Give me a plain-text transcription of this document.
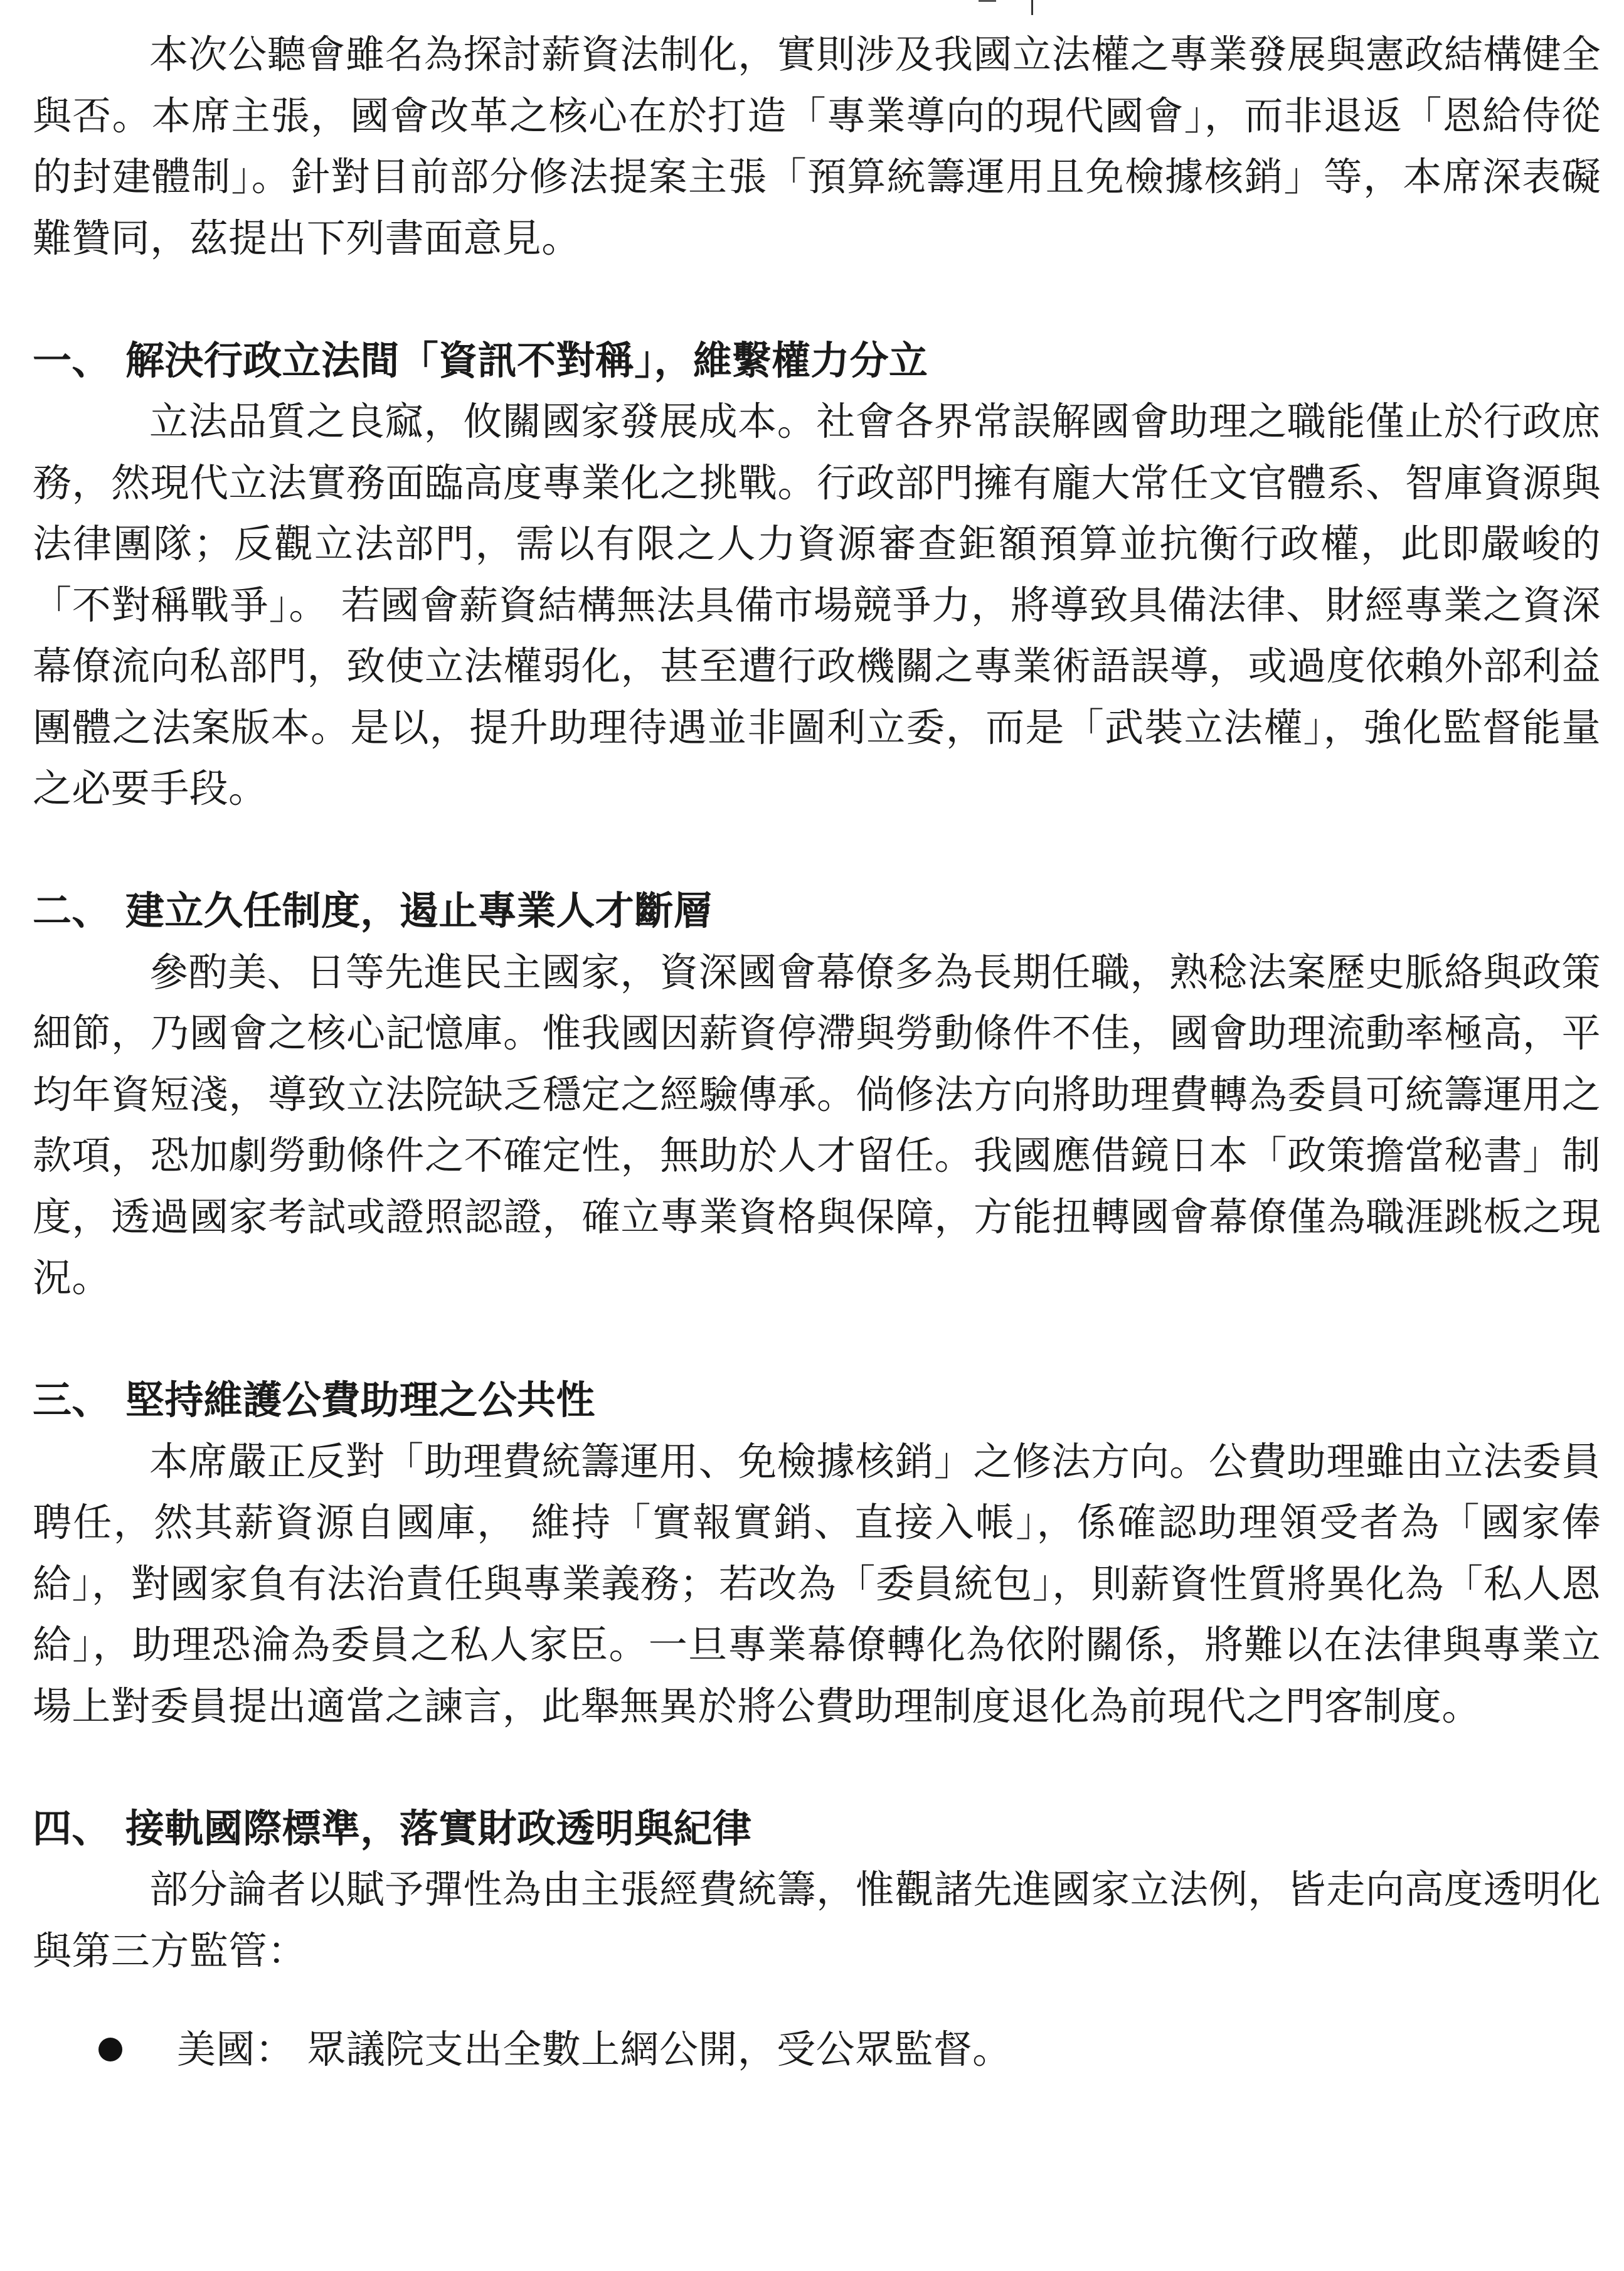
本次公聽會雖名為探討薪資法制化，實則涉及我國立法權之專業發展與憲政結構健全與否。本席主張，國會改革之核心在於打造「專業導向的現代國會」，而非退返「恩給侍從的封建體制」。針對目前部分修法提案主張「預算統籌運用且免檢據核銷」等，本席深表礙難贊同，茲提出下列書面意見。

一、 解決行政立法間「資訊不對稱」，維繫權力分立

立法品質之良窳，攸關國家發展成本。社會各界常誤解國會助理之職能僅止於行政庶務，然現代立法實務面臨高度專業化之挑戰。行政部門擁有龐大常任文官體系、智庫資源與法律團隊；反觀立法部門，需以有限之人力資源審查鉅額預算並抗衡行政權，此即嚴峻的「不對稱戰爭」。 若國會薪資結構無法具備市場競爭力，將導致具備法律、財經專業之資深幕僚流向私部門，致使立法權弱化，甚至遭行政機關之專業術語誤導，或過度依賴外部利益團體之法案版本。是以，提升助理待遇並非圖利立委，而是「武裝立法權」，強化監督能量之必要手段。

二、 建立久任制度，遏止專業人才斷層

參酌美、日等先進民主國家，資深國會幕僚多為長期任職，熟稔法案歷史脈絡與政策細節，乃國會之核心記憶庫。惟我國因薪資停滯與勞動條件不佳，國會助理流動率極高，平均年資短淺，導致立法院缺乏穩定之經驗傳承。倘修法方向將助理費轉為委員可統籌運用之款項，恐加劇勞動條件之不確定性，無助於人才留任。我國應借鏡日本「政策擔當秘書」制度，透過國家考試或證照認證，確立專業資格與保障，方能扭轉國會幕僚僅為職涯跳板之現況。

三、 堅持維護公費助理之公共性

本席嚴正反對「助理費統籌運用、免檢據核銷」之修法方向。公費助理雖由立法委員聘任，然其薪資源自國庫， 維持「實報實銷、直接入帳」，係確認助理領受者為「國家俸給」，對國家負有法治責任與專業義務；若改為「委員統包」，則薪資性質將異化為「私人恩給」，助理恐淪為委員之私人家臣。一旦專業幕僚轉化為依附關係，將難以在法律與專業立場上對委員提出適當之諫言，此舉無異於將公費助理制度退化為前現代之門客制度。

四、 接軌國際標準，落實財政透明與紀律

部分論者以賦予彈性為由主張經費統籌，惟觀諸先進國家立法例，皆走向高度透明化與第三方監管：

美國： 眾議院支出全數上網公開，受公眾監督。
